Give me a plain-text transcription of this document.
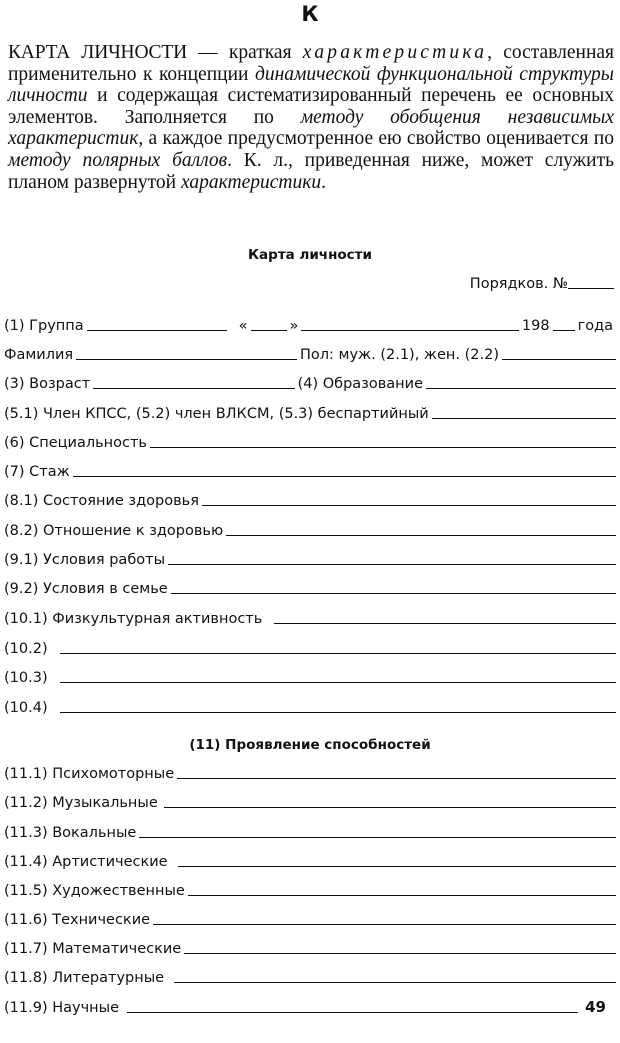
К
КАРТА ЛИЧНОСТИ — краткая характеристика, составленная применительно к концепции динамической функциональной структуры личности и содержащая систематизированный перечень ее основных элементов. Заполняется по методу обобщения независимых характеристик, а каждое предусмотренное ею свойство оценивается по методу полярных баллов. К. л., приведенная ниже, может служить планом развернутой характеристики.
Карта личности
Порядков. №
(1) Группа	«	»	198 года
Фамилия	Пол: муж. (2.1), жен. (2.2)
(3) Возраст	(4) Образование
(5.1) Член КПСС, (5.2) член ВЛКСМ, (5.3) беспартийный
(6) Специальность
(7) Стаж
(8.1) Состояние здоровья
(8.2) Отношение к здоровью
(9.1) Условия работы
(9.2) Условия в семье
(10.1) Физкультурная активность
(10.2)
(10.3)
(10.4)
(11) Проявление способностей
(11.1) Психомоторные
(11.2) Музыкальные
(11.3) Вокальные
(11.4) Артистические
(11.5) Художественные
(11.6) Технические
(11.7) Математические
(11.8) Литературные
(11.9) Научные	49
